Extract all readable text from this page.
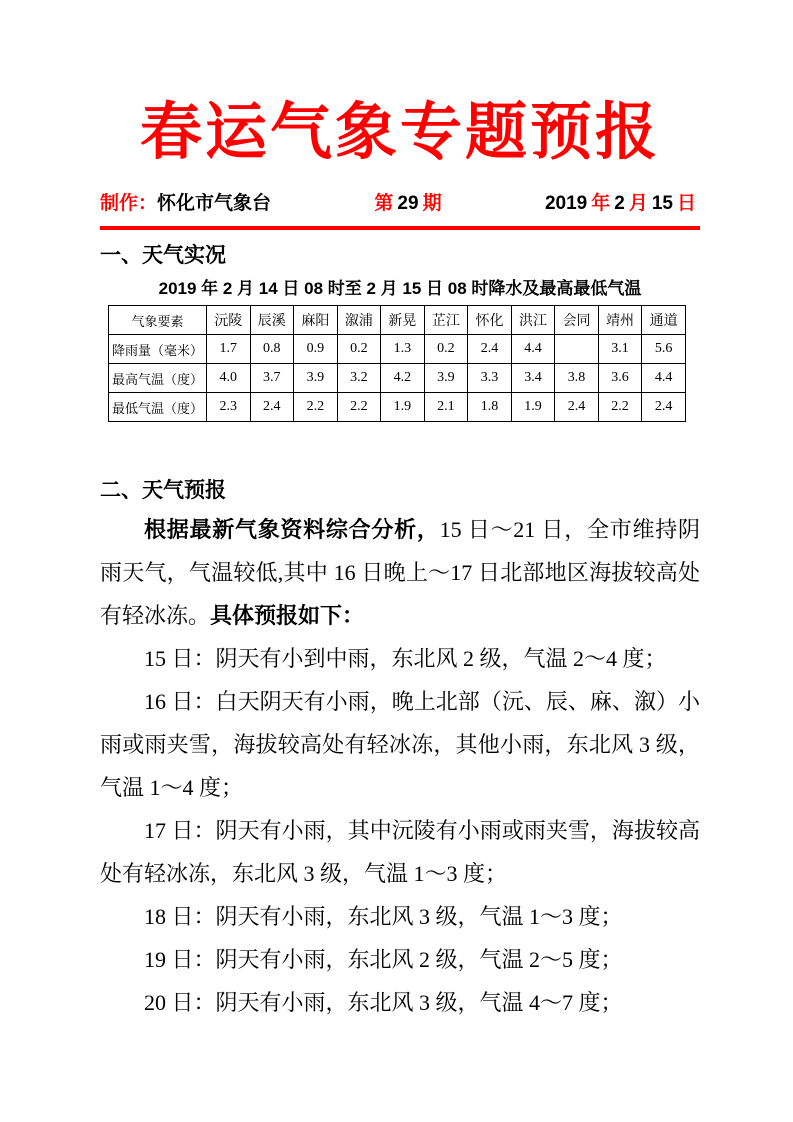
春运气象专题预报
制作：怀化市气象台	第 29 期	2019 年 2 月 15 日
一、天气实况
2019 年 2 月 14 日 08 时至 2 月 15 日 08 时降水及最高最低气温
气象要素	沅陵	辰溪	麻阳	溆浦	新晃	芷江	怀化	洪江	会同	靖州	通道
降雨量（毫米）	1.7	0.8	0.9	0.2	1.3	0.2	2.4	4.4		3.1	5.6
最高气温（度）	4.0	3.7	3.9	3.2	4.2	3.9	3.3	3.4	3.8	3.6	4.4
最低气温（度）	2.3	2.4	2.2	2.2	1.9	2.1	1.8	1.9	2.4	2.2	2.4
二、天气预报

根据最新气象资料综合分析，15 日～21 日，全市维持阴雨天气，气温较低,其中 16 日晚上～17 日北部地区海拔较高处有轻冰冻。具体预报如下：

15 日：阴天有小到中雨，东北风 2 级，气温 2～4 度；

16 日：白天阴天有小雨，晚上北部（沅、辰、麻、溆）小雨或雨夹雪，海拔较高处有轻冰冻，其他小雨，东北风 3 级，气温 1～4 度；

17 日：阴天有小雨，其中沅陵有小雨或雨夹雪，海拔较高处有轻冰冻，东北风 3 级，气温 1～3 度；

18 日：阴天有小雨，东北风 3 级，气温 1～3 度；

19 日：阴天有小雨，东北风 2 级，气温 2～5 度；

20 日：阴天有小雨，东北风 3 级，气温 4～7 度；
